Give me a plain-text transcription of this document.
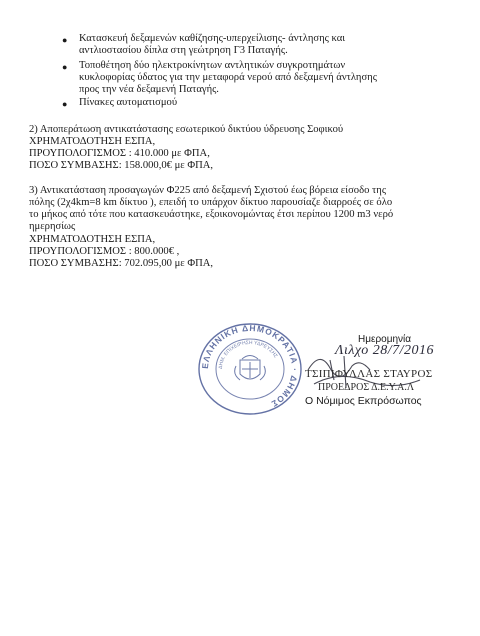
● Κατασκευή δεξαμενών καθίζησης-υπερχείλισης- άντλησης και
αντλιοστασίου δίπλα στη γεώτρηση Γ3 Παταγής.
● Τοποθέτηση δύο ηλεκτροκίνητων αντλητικών συγκροτημάτων
κυκλοφορίας ύδατος για την μεταφορά νερού από δεξαμενή άντλησης
προς την νέα δεξαμενή Παταγής.
● Πίνακες αυτοματισμού
2) Αποπεράτωση αντικατάστασης εσωτερικού δικτύου ύδρευσης Σοφικού
ΧΡΗΜΑΤΟΔΟΤΗΣΗ ΕΣΠΑ,
ΠΡΟΥΠΟΛΟΓΙΣΜΟΣ : 410.000 με ΦΠΑ,
ΠΟΣΟ ΣΥΜΒΑΣΗΣ: 158.000,0€ με ΦΠΑ,
3) Αντικατάσταση προσαγωγών Φ225 από δεξαμενή Σχιστού έως βόρεια είσοδο της
πόλης (2χ4km=8 km δίκτυο ), επειδή το υπάρχον δίκτυο παρουσίαζε διαρροές σε όλο
το μήκος από τότε που κατασκευάστηκε, εξοικονομώντας έτσι περίπου 1200 m3 νερό
ημερησίως
ΧΡΗΜΑΤΟΔΟΤΗΣΗ ΕΣΠΑ,
ΠΡΟΥΠΟΛΟΓΙΣΜΟΣ : 800.000€ ,
ΠΟΣΟ ΣΥΜΒΑΣΗΣ: 702.095,00 με ΦΠΑ,
ΕΛΛΗΝΙΚΗ ΔΗΜΟΚΡΑΤΙΑ · ΔΗΜΟΣ
ΔΗΜ. ΕΠΙΧΕΙΡΗΣΗ ΥΔΡΕΥΣΗΣ
Ημερομηνία
Λιλχο 28/7/2016
ΤΣΙΠΙΦΥΛΛΑΣ ΣΤΑΥΡΟΣ
ΠΡΟΕΔΡΟΣ Δ.Ε.Υ.Α.Λ
Ο Νόμιμος Εκπρόσωπος
